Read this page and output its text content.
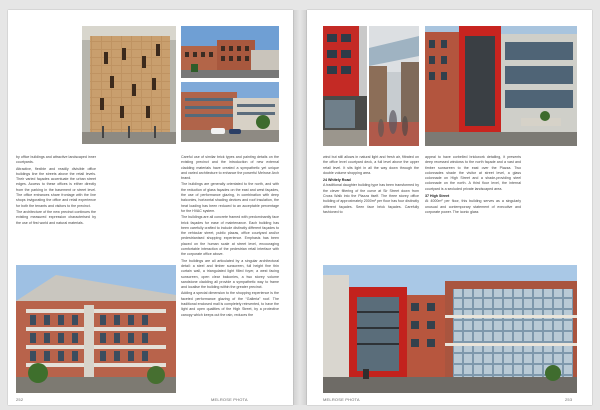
by office buildings and attractive landscaped inner courtyards.

Attractive, flexible and readily divisible office buildings line the streets above the retail levels. Their varied façades accentuate the urban street edges. Access to these offices is either directly from the parking in the basement or street level. The office entrances share frontage with the line shops invigorating the office and retail experience for both the tenants and visitors to the precinct.

The architecture of the new precinct continues the existing measured expression characterised by the use of first world and natural materials.

Careful use of similar brick types and painting details on the existing precinct and the introduction of new external cladding materials have created a sympathetic yet unique and varied architecture to enhance the powerful Melrose Arch brand.

The buildings are generally orientated to the north, and with the reduction of glass façades on the east and west façades, the use of performance glazing, in combination with deep balconies, horizontal shading devices and roof insulation, the heat loading has been reduced to an acceptable percentage for the HVAC system.

The buildings are all concrete framed with predominantly face brick façades for ease of maintenance. Each building has been carefully crafted to include distinctly different façades to the vehicular street, public plazas, office courtyard and/or pedestrianised shopping experience. Emphasis has been placed on the human scale at street level, encouraging comfortable interaction of the pedestrian retail interface with the corporate office above.

The buildings are all articulated by a singular architectural detail: a steel and timber sunscreen, full height fine thin curtain wall, a triangulated light filled foyer, a west facing sunscreen, open clear balconies, a two storey volume sandstone cladding all provide a sympathetic way to frame and localise the building within the greater precinct.

Adding a special dimension to the shopping experience is the faceted performance glazing of the “Galleria” roof. The traditional enclosed mall is completely reinvented, to have the light and open qualities of the High Street, by a protective canopy which keeps out the rain, reduces the

252	MELROSE PHOTA

wind but still allows in natural light and fresh air, filtrated on the office level courtyard deck, a full level above the upper retail level. It sits light in all the way down through the double volume shopping area.

24 Whitely Road

A traditional daughter building type has been transformed by the clever filtering of the curve at Sir Street down from Cross Walk into the Piazza itself. The three storey office building of approximately 2000m² per floor has four distinctly different façades. Seen face brick façades. Carefully fashioned to

appeal to have corbelled brickwork detailing, it presents deep recessed windows to the north façade and a vast and timber sunscreen to the east over the Piazza. Two colonnades shade the visitor at street level, a glass colonnade on High Street and a shade-providing steel colonnade on the north. A third floor level, the internal courtyard is a secluded private landscaped area.

37 High Street

At 4000m² per floor, this building serves as a singularly unusual and contemporary statement of executive and corporate power. The iconic glass

MELROSE PHOTA	253
